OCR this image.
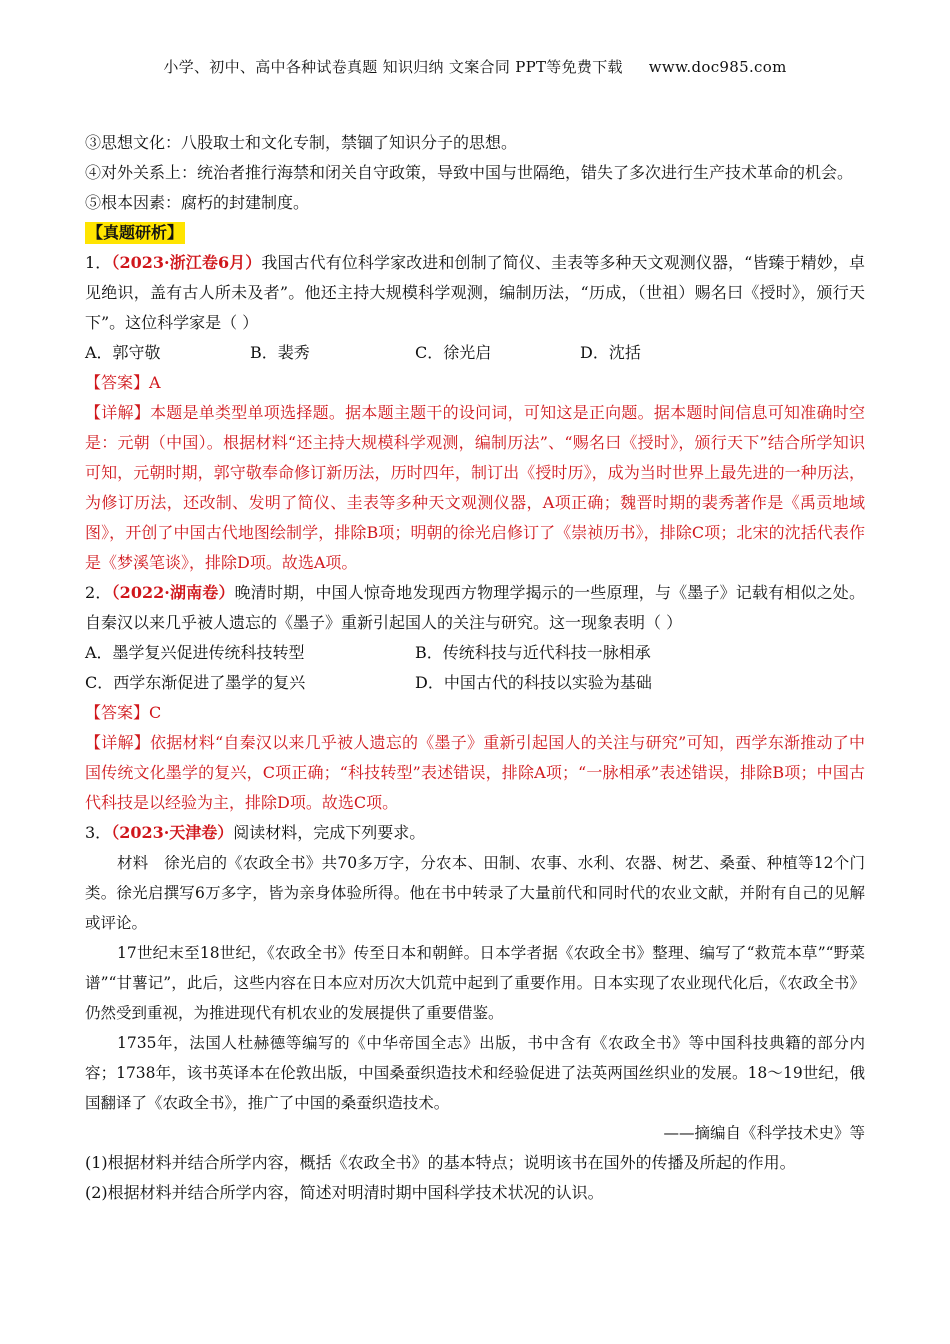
小学、初中、高中各种试卷真题 知识归纳 文案合同 PPT等免费下载 www.doc985.com

③思想文化：八股取士和文化专制，禁锢了知识分子的思想。

④对外关系上：统治者推行海禁和闭关自守政策，导致中国与世隔绝，错失了多次进行生产技术革命的机会。

⑤根本因素：腐朽的封建制度。

【真题研析】

1．（2023·浙江卷6月）我国古代有位科学家改进和创制了简仪、圭表等多种天文观测仪器，“皆臻于精妙，卓见绝识，盖有古人所未及者”。他还主持大规模科学观测，编制历法，“历成，（世祖）赐名曰《授时》，颁行天下”。这位科学家是（ ）

A．郭守敬	B．裴秀	C．徐光启	D．沈括

【答案】A

【详解】本题是单类型单项选择题。据本题主题干的设问词，可知这是正向题。据本题时间信息可知准确时空是：元朝（中国）。根据材料“还主持大规模科学观测，编制历法”、“赐名曰《授时》，颁行天下”结合所学知识可知，元朝时期，郭守敬奉命修订新历法，历时四年，制订出《授时历》，成为当时世界上最先进的一种历法，为修订历法，还改制、发明了简仪、圭表等多种天文观测仪器，A项正确；魏晋时期的裴秀著作是《禹贡地域图》，开创了中国古代地图绘制学，排除B项；明朝的徐光启修订了《崇祯历书》，排除C项；北宋的沈括代表作是《梦溪笔谈》，排除D项。故选A项。

2．（2022·湖南卷）晚清时期，中国人惊奇地发现西方物理学揭示的一些原理，与《墨子》记载有相似之处。自秦汉以来几乎被人遗忘的《墨子》重新引起国人的关注与研究。这一现象表明（ ）

A．墨学复兴促进传统科技转型	B．传统科技与近代科技一脉相承
C．西学东渐促进了墨学的复兴	D．中国古代的科技以实验为基础

【答案】C

【详解】依据材料“自秦汉以来几乎被人遗忘的《墨子》重新引起国人的关注与研究”可知，西学东渐推动了中国传统文化墨学的复兴，C项正确；“科技转型”表述错误，排除A项；“一脉相承”表述错误，排除B项；中国古代科技是以经验为主，排除D项。故选C项。

3．（2023·天津卷）阅读材料，完成下列要求。

材料　徐光启的《农政全书》共70多万字，分农本、田制、农事、水利、农器、树艺、桑蚕、种植等12个门类。徐光启撰写6万多字，皆为亲身体验所得。他在书中转录了大量前代和同时代的农业文献，并附有自己的见解或评论。

17世纪末至18世纪，《农政全书》传至日本和朝鲜。日本学者据《农政全书》整理、编写了“救荒本草”“野菜谱”“甘薯记”，此后，这些内容在日本应对历次大饥荒中起到了重要作用。日本实现了农业现代化后，《农政全书》仍然受到重视，为推进现代有机农业的发展提供了重要借鉴。

1735年，法国人杜赫德等编写的《中华帝国全志》出版，书中含有《农政全书》等中国科技典籍的部分内容；1738年，该书英译本在伦敦出版，中国桑蚕织造技术和经验促进了法英两国丝织业的发展。18～19世纪，俄国翻译了《农政全书》，推广了中国的桑蚕织造技术。

——摘编自《科学技术史》等

(1)根据材料并结合所学内容，概括《农政全书》的基本特点；说明该书在国外的传播及所起的作用。

(2)根据材料并结合所学内容，简述对明清时期中国科学技术状况的认识。
